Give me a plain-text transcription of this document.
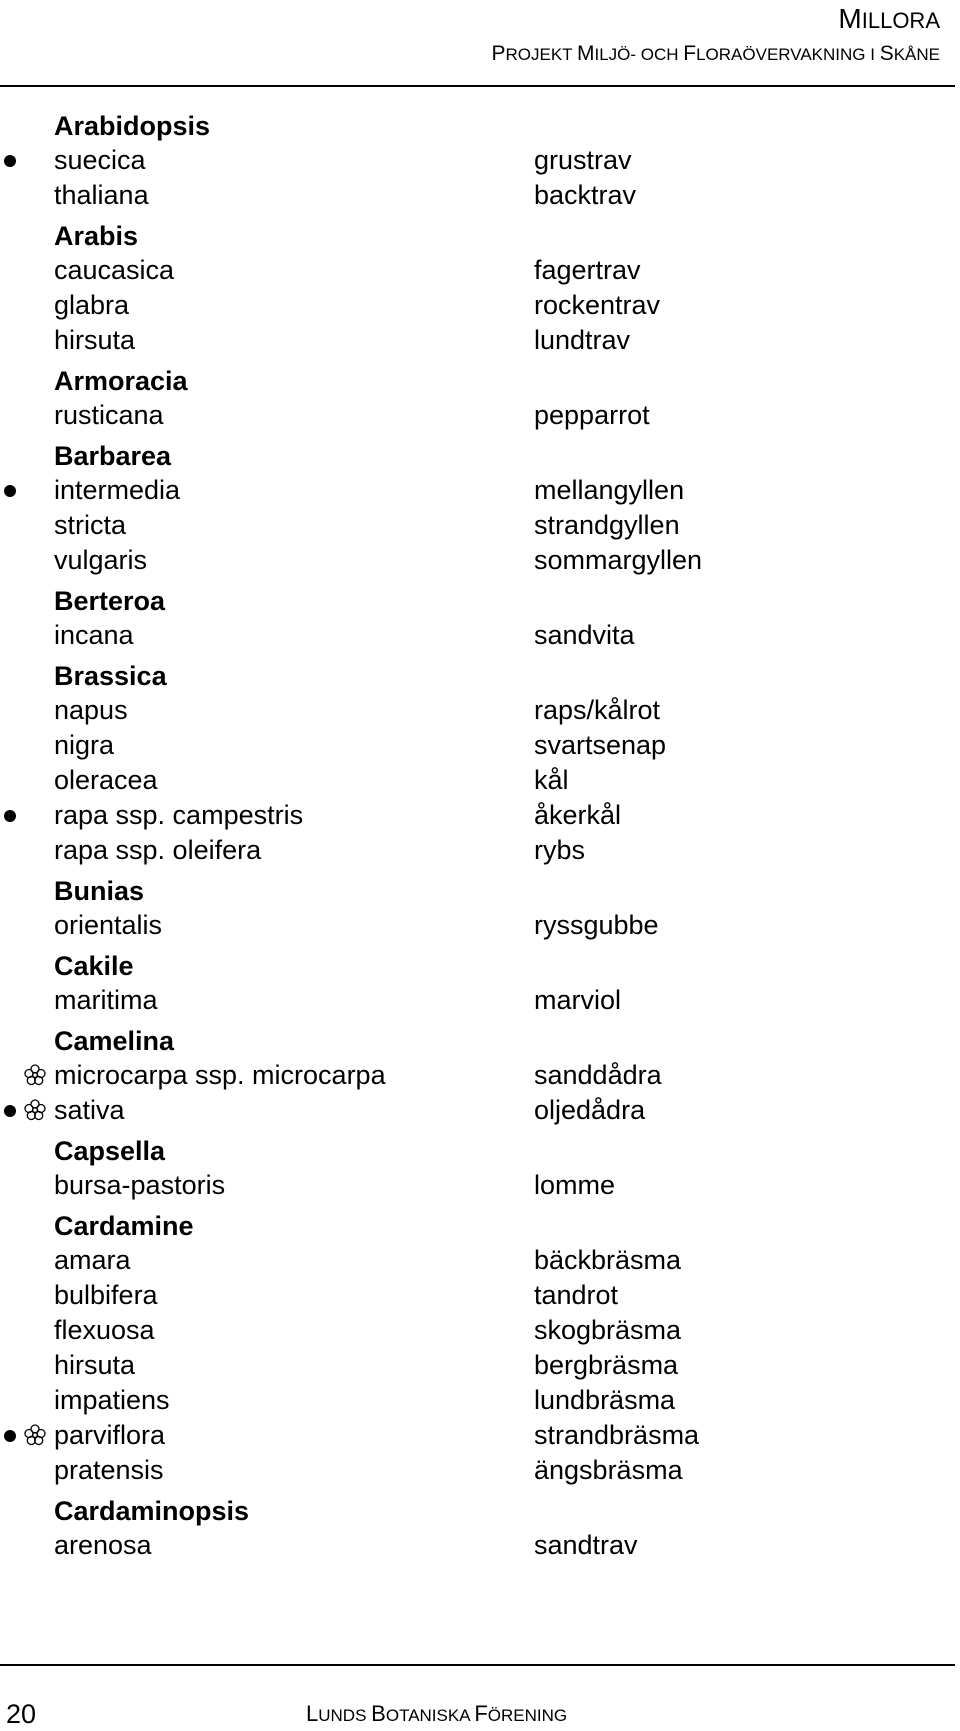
MILLORA
PROJEKT MILJÖ- OCH FLORAÖVERVAKNING I SKÅNE
Arabidopsis
suecica	grustrav
thaliana	backtrav
Arabis
caucasica	fagertrav
glabra	rockentrav
hirsuta	lundtrav
Armoracia
rusticana	pepparrot
Barbarea
intermedia	mellangyllen
stricta	strandgyllen
vulgaris	sommargyllen
Berteroa
incana	sandvita
Brassica
napus	raps/kålrot
nigra	svartsenap
oleracea	kål
rapa ssp. campestris	åkerkål
rapa ssp. oleifera	rybs
Bunias
orientalis	ryssgubbe
Cakile
maritima	marviol
Camelina
microcarpa ssp. microcarpa	sanddådra
sativa	oljedådra
Capsella
bursa-pastoris	lomme
Cardamine
amara	bäckbräsma
bulbifera	tandrot
flexuosa	skogbräsma
hirsuta	bergbräsma
impatiens	lundbräsma
parviflora	strandbräsma
pratensis	ängsbräsma
Cardaminopsis
arenosa	sandtrav
20	LUNDS BOTANISKA FÖRENING
